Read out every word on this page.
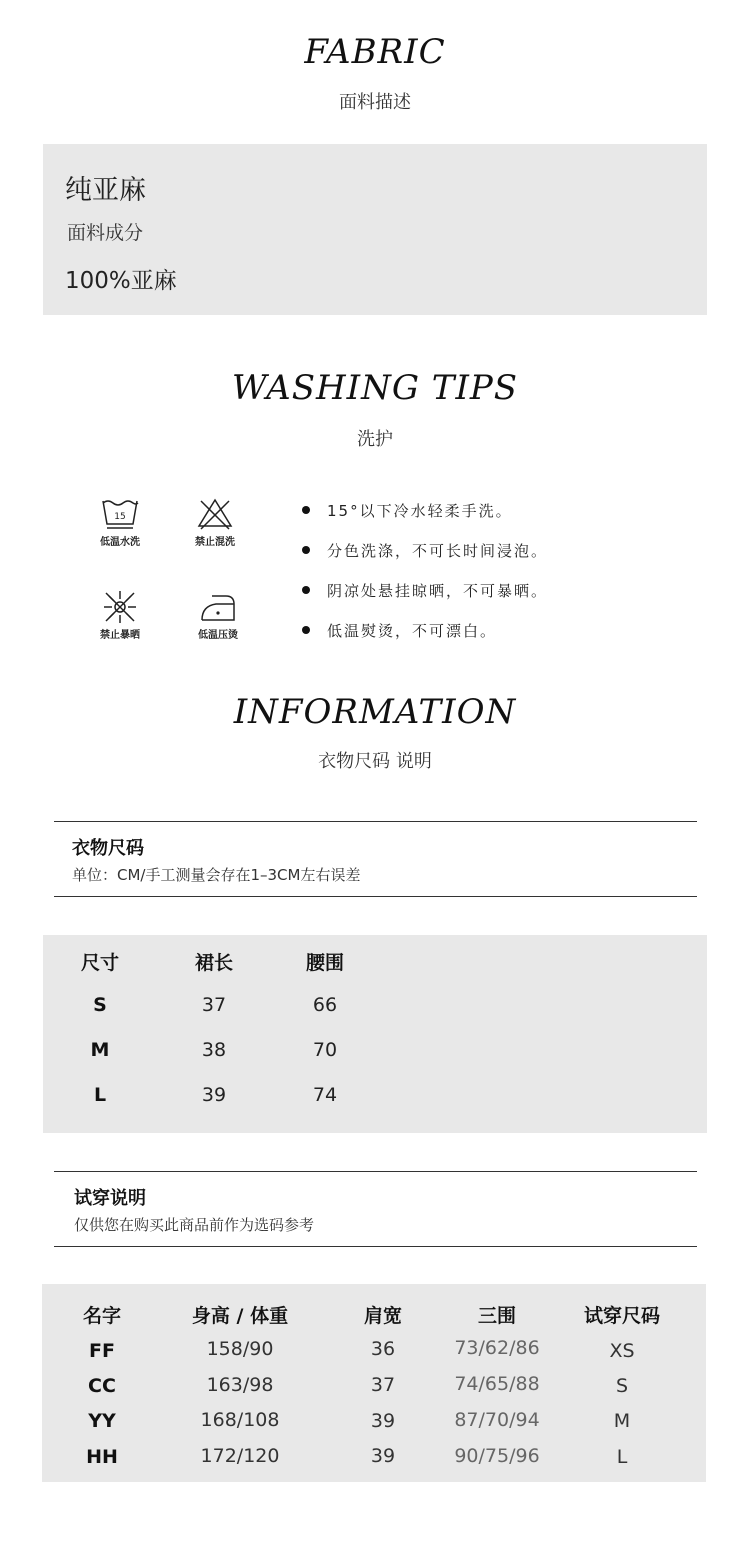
FABRIC
面料描述
纯亚麻
面料成分
100%亚麻
WASHING TIPS
洗护
15
低温水洗	禁止混洗
禁止暴晒	低温压烫
15°以下冷水轻柔手洗。
分色洗涤，不可长时间浸泡。
阴凉处悬挂晾晒，不可暴晒。
低温熨烫，不可漂白。
INFORMATION
衣物尺码 说明
衣物尺码
单位：CM/手工测量会存在1–3CM左右误差
尺寸	裙长	腰围
S	37	66
M	38	70
L	39	74
试穿说明
仅供您在购买此商品前作为选码参考
名字	身高 / 体重	肩宽	三围	试穿尺码
FF	158/90	36	73/62/86	XS
CC	163/98	37	74/65/88	S
YY	168/108	39	87/70/94	M
HH	172/120	39	90/75/96	L
